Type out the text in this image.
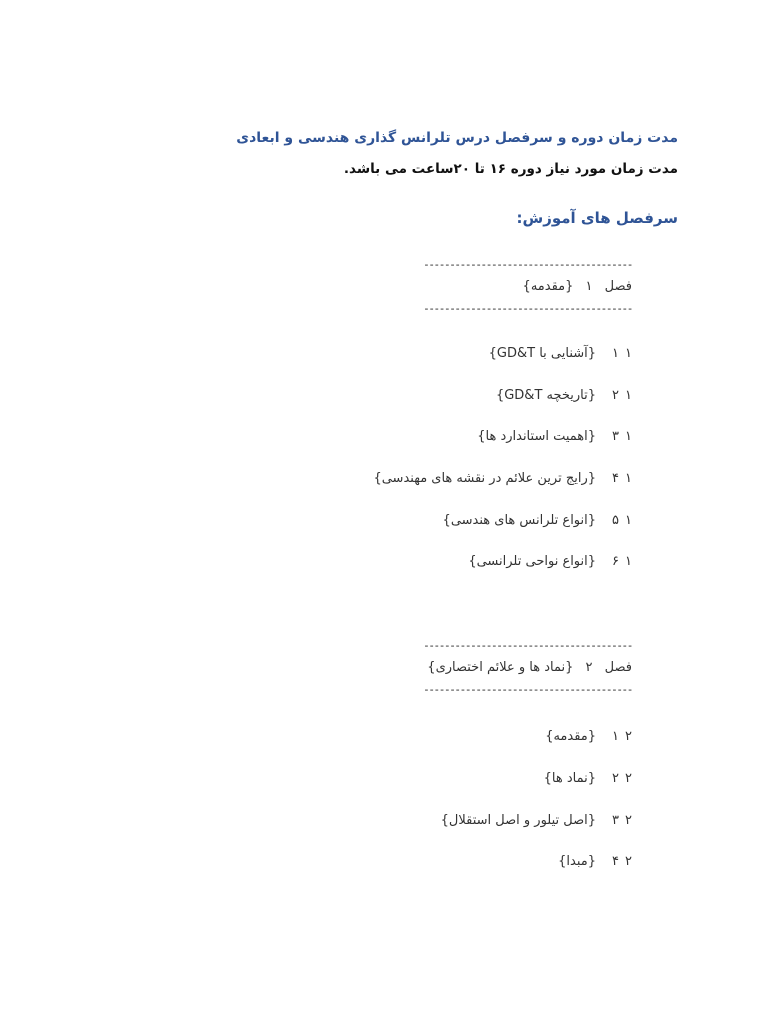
مدت زمان دوره و سرفصل درس تلرانس گذاری هندسی و ابعادی
مدت زمان مورد نیاز دوره ۱۶ تا ۲۰ساعت می باشد.
سرفصل های آموزش:
----------------------------------------
فصل ۱ {مقدمه}
----------------------------------------
۱۱{آشنایی با GD&T}
۱۲{تاریخچه GD&T}
۱۳{اهمیت استاندارد ها}
۱۴{رایج ترین علائم در نقشه های مهندسی}
۱۵{انواع تلرانس های هندسی}
۱۶{انواع نواحی تلرانسی}
----------------------------------------
فصل ۲ {نماد ها و علائم اختصاری}
----------------------------------------
۲۱{مقدمه}
۲۲{نماد ها}
۲۳{اصل تیلور و اصل استقلال}
۲۴{مبدا}
